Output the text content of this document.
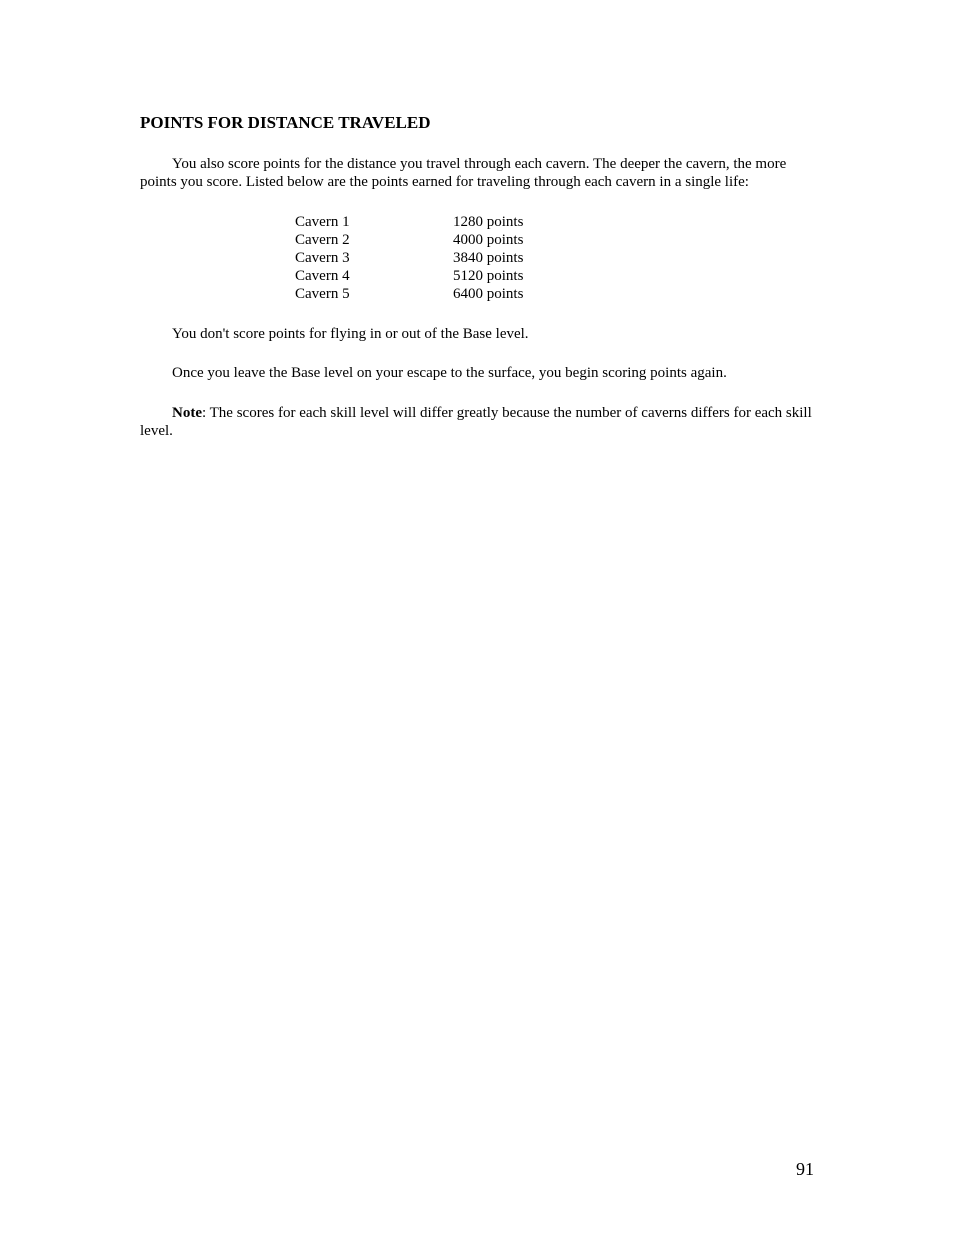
POINTS FOR DISTANCE TRAVELED

You also score points for the distance you travel through each cavern. The deeper the cavern, the more points you score. Listed below are the points earned for traveling through each cavern in a single life:

Cavern 1	1280 points
Cavern 2	4000 points
Cavern 3	3840 points
Cavern 4	5120 points
Cavern 5	6400 points

You don't score points for flying in or out of the Base level.

Once you leave the Base level on your escape to the surface, you begin scoring points again.

Note: The scores for each skill level will differ greatly because the number of caverns differs for each skill level.

91
